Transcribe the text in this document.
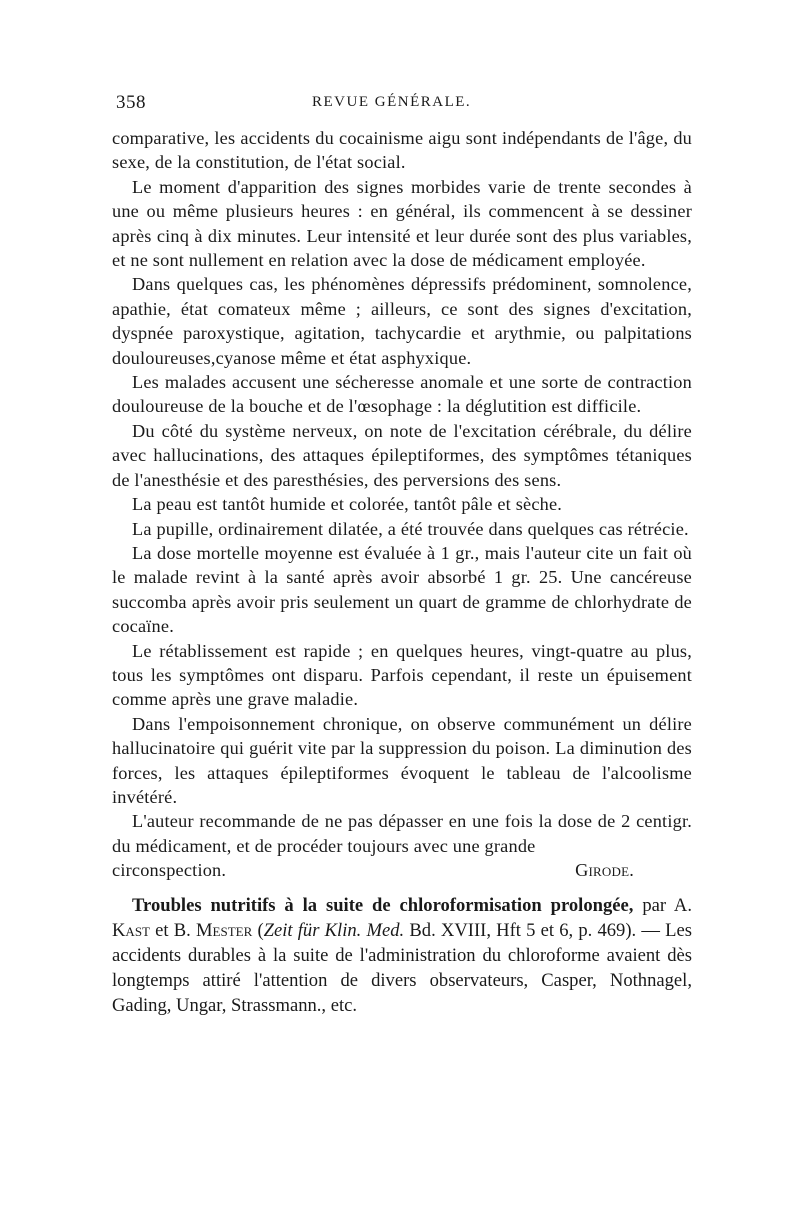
358	REVUE GÉNÉRALE.

comparative, les accidents du cocainisme aigu sont indépendants de l'âge, du sexe, de la constitution, de l'état social.

Le moment d'apparition des signes morbides varie de trente secondes à une ou même plusieurs heures : en général, ils commencent à se dessiner après cinq à dix minutes. Leur intensité et leur durée sont des plus variables, et ne sont nullement en relation avec la dose de médicament employée.

Dans quelques cas, les phénomènes dépressifs prédominent, somnolence, apathie, état comateux même ; ailleurs, ce sont des signes d'excitation, dyspnée paroxystique, agitation, tachycardie et arythmie, ou palpitations douloureuses,cyanose même et état asphyxique.

Les malades accusent une sécheresse anomale et une sorte de contraction douloureuse de la bouche et de l'œsophage : la déglutition est difficile.

Du côté du système nerveux, on note de l'excitation cérébrale, du délire avec hallucinations, des attaques épileptiformes, des symptômes tétaniques de l'anesthésie et des paresthésies, des perversions des sens.

La peau est tantôt humide et colorée, tantôt pâle et sèche.

La pupille, ordinairement dilatée, a été trouvée dans quelques cas rétrécie.

La dose mortelle moyenne est évaluée à 1 gr., mais l'auteur cite un fait où le malade revint à la santé après avoir absorbé 1 gr. 25. Une cancéreuse succomba après avoir pris seulement un quart de gramme de chlorhydrate de cocaïne.

Le rétablissement est rapide ; en quelques heures, vingt-quatre au plus, tous les symptômes ont disparu. Parfois cependant, il reste un épuisement comme après une grave maladie.

Dans l'empoisonnement chronique, on observe communément un délire hallucinatoire qui guérit vite par la suppression du poison. La diminution des forces, les attaques épileptiformes évoquent le tableau de l'alcoolisme invétéré.

L'auteur recommande de ne pas dépasser en une fois la dose de 2 centigr. du médicament, et de procéder toujours avec une grande

circonspection.	Girode.

Troubles nutritifs à la suite de chloroformisation prolongée, par A. Kast et B. Mester (Zeit für Klin. Med. Bd. XVIII, Hft 5 et 6, p. 469). — Les accidents durables à la suite de l'administration du chloroforme avaient dès longtemps attiré l'attention de divers observateurs, Casper, Nothnagel, Gading, Ungar, Strassmann., etc.
